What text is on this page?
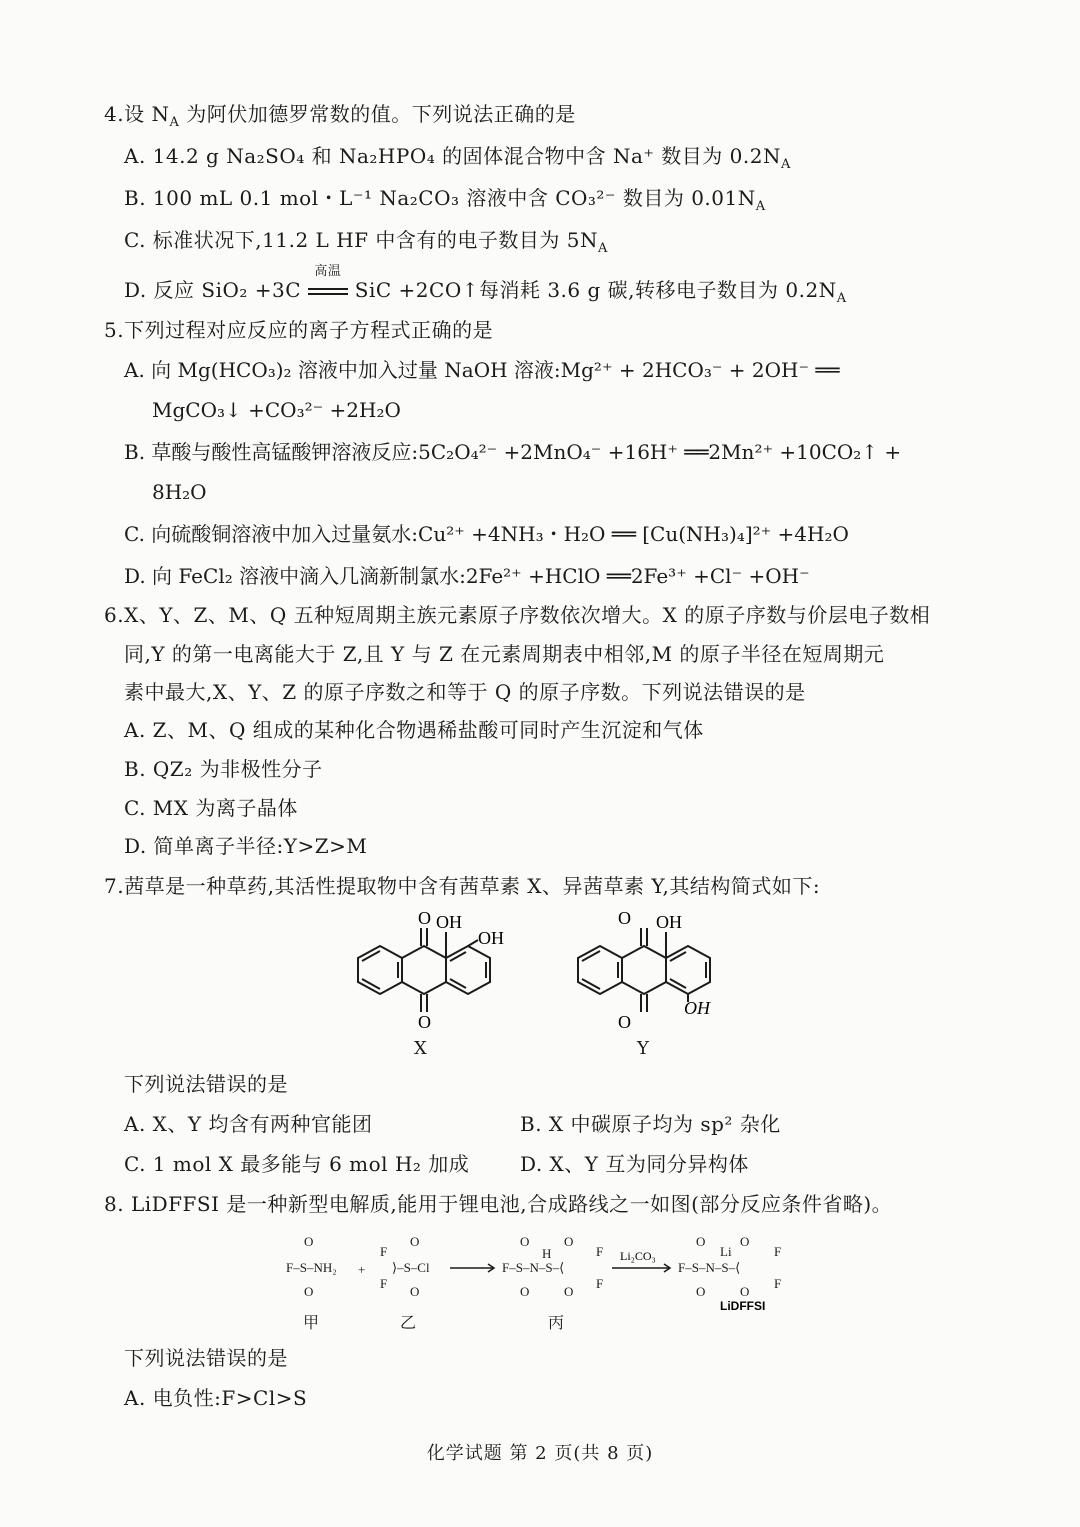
4.设 $N_A$ 为阿伏加德罗常数的值。下列说法正确的是
A. 14.2 g Na₂SO₄ 和 Na₂HPO₄ 的固体混合物中含 Na⁺ 数目为 $0.2N_A$
B. 100 mL 0.1 mol・L⁻¹ Na₂CO₃ 溶液中含 CO₃²⁻ 数目为 $0.01N_A$
C. 标准状况下,11.2 L HF 中含有的电子数目为 $5N_A$
D. 反应 SiO₂ +3C
高温
SiC +2CO↑每消耗 3.6 g 碳,转移电子数目为 $0.2N_A$
5.下列过程对应反应的离子方程式正确的是
A. 向 Mg(HCO₃)₂ 溶液中加入过量 NaOH 溶液:Mg²⁺ + 2HCO₃⁻ + 2OH⁻ ══
MgCO₃↓ +CO₃²⁻ +2H₂O
B. 草酸与酸性高锰酸钾溶液反应:5C₂O₄²⁻ +2MnO₄⁻ +16H⁺ ══2Mn²⁺ +10CO₂↑ +
8H₂O
C. 向硫酸铜溶液中加入过量氨水:Cu²⁺ +4NH₃・H₂O ══ [Cu(NH₃)₄]²⁺ +4H₂O
D. 向 FeCl₂ 溶液中滴入几滴新制氯水:2Fe²⁺ +HClO ══2Fe³⁺ +Cl⁻ +OH⁻
6.X、Y、Z、M、Q 五种短周期主族元素原子序数依次增大。X 的原子序数与价层电子数相
同,Y 的第一电离能大于 Z,且 Y 与 Z 在元素周期表中相邻,M 的原子半径在短周期元
素中最大,X、Y、Z 的原子序数之和等于 Q 的原子序数。下列说法错误的是
A. Z、M、Q 组成的某种化合物遇稀盐酸可同时产生沉淀和气体
B. QZ₂ 为非极性分子
C. MX 为离子晶体
D. 简单离子半径:Y>Z>M
7.茜草是一种草药,其活性提取物中含有茜草素 X、异茜草素 Y,其结构简式如下:
O
O
OH
OH
X
O
O
OH
OH
Y
下列说法错误的是
A. X、Y 均含有两种官能团	B. X 中碳原子均为 sp² 杂化
C. 1 mol X 最多能与 6 mol H₂ 加成	D. X、Y 互为同分异构体
8. LiDFFSI 是一种新型电解质,能用于锂电池,合成路线之一如图(部分反应条件省略)。
F–S–NH₂
O
O
+
F
F
⟩–S–Cl
O
O
F–S–N–S–⟨
O
O
H
O
O
F
F
F–S–N–S–⟨
O
O
Li
O
O
F
F
Li₂CO₃
LiDFFSI
甲	乙	丙
下列说法错误的是
A. 电负性:F>Cl>S
化学试题 第 2 页(共 8 页)
